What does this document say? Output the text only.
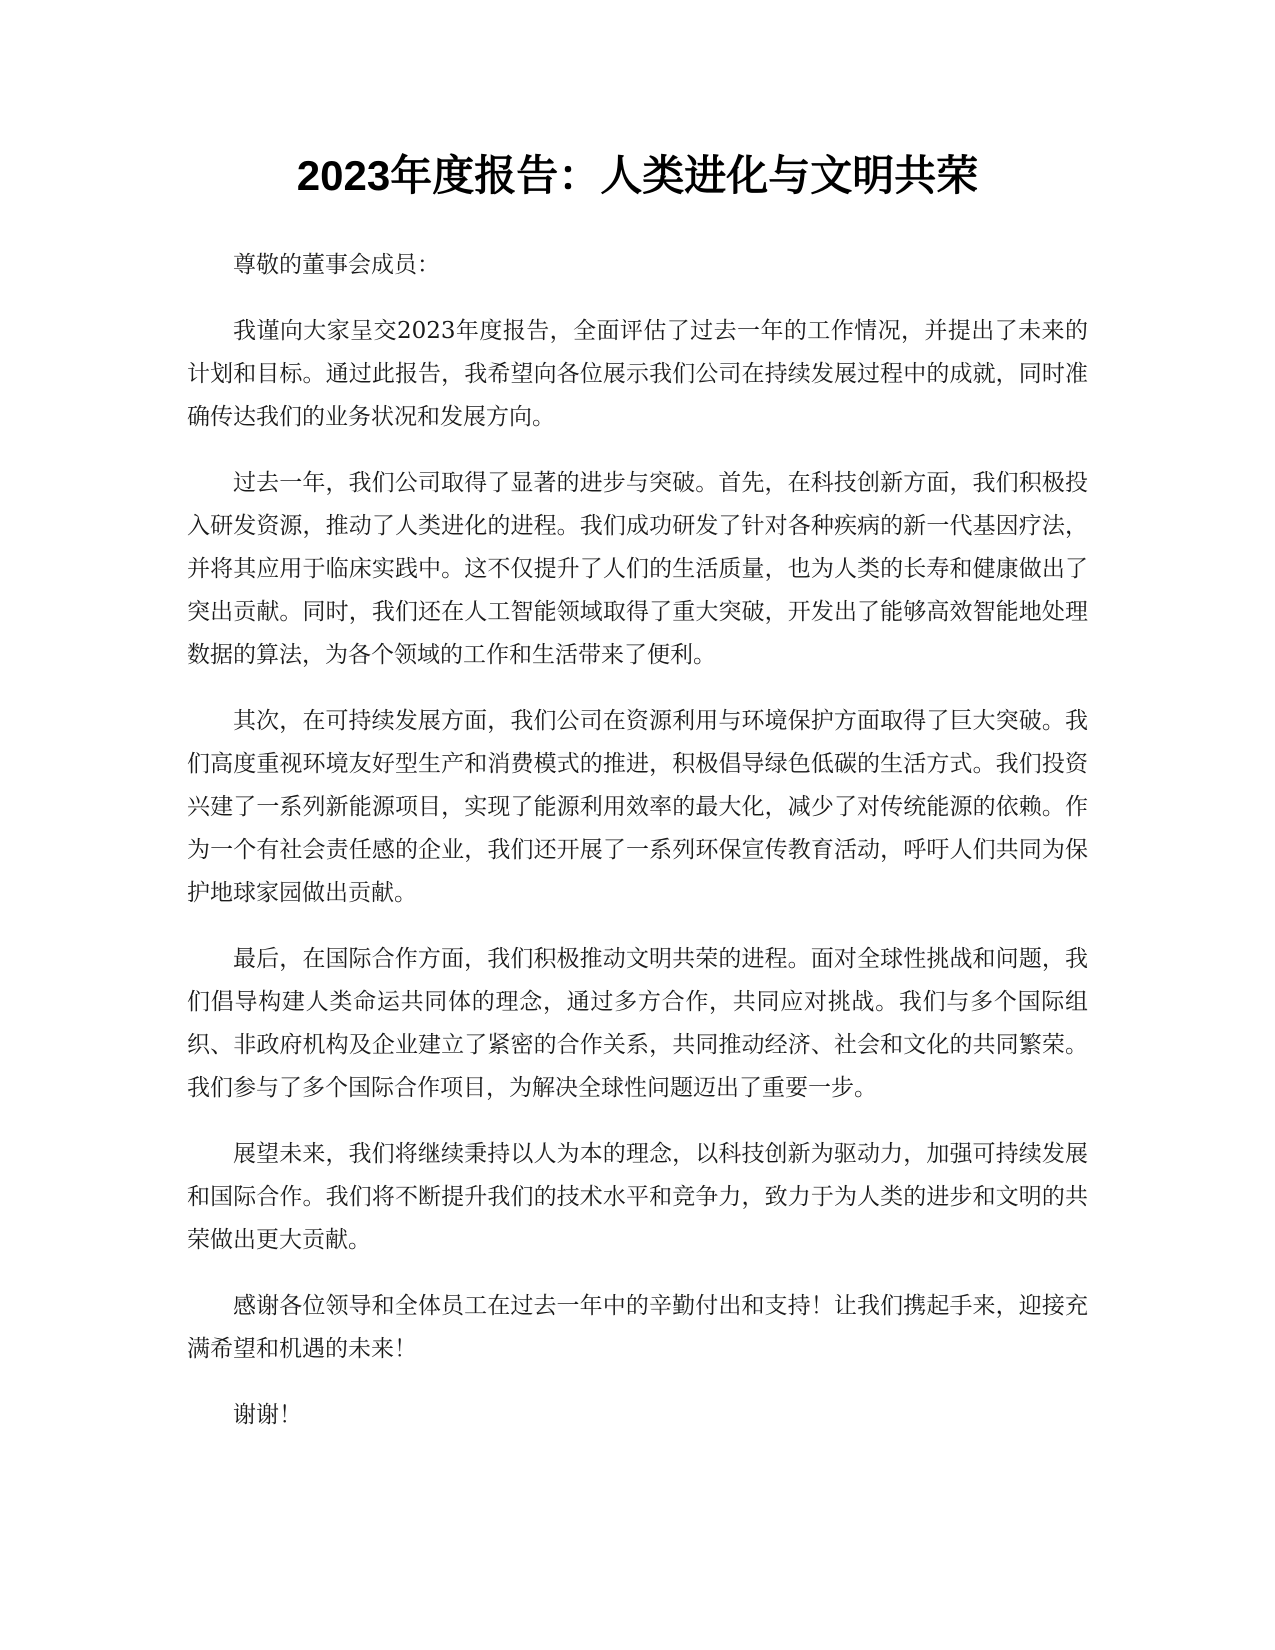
2023年度报告：人类进化与文明共荣

尊敬的董事会成员：

我谨向大家呈交2023年度报告，全面评估了过去一年的工作情况，并提出了未来的计划和目标。通过此报告，我希望向各位展示我们公司在持续发展过程中的成就，同时准确传达我们的业务状况和发展方向。

过去一年，我们公司取得了显著的进步与突破。首先，在科技创新方面，我们积极投入研发资源，推动了人类进化的进程。我们成功研发了针对各种疾病的新一代基因疗法，并将其应用于临床实践中。这不仅提升了人们的生活质量，也为人类的长寿和健康做出了突出贡献。同时，我们还在人工智能领域取得了重大突破，开发出了能够高效智能地处理数据的算法，为各个领域的工作和生活带来了便利。

其次，在可持续发展方面，我们公司在资源利用与环境保护方面取得了巨大突破。我们高度重视环境友好型生产和消费模式的推进，积极倡导绿色低碳的生活方式。我们投资兴建了一系列新能源项目，实现了能源利用效率的最大化，减少了对传统能源的依赖。作为一个有社会责任感的企业，我们还开展了一系列环保宣传教育活动，呼吁人们共同为保护地球家园做出贡献。

最后，在国际合作方面，我们积极推动文明共荣的进程。面对全球性挑战和问题，我们倡导构建人类命运共同体的理念，通过多方合作，共同应对挑战。我们与多个国际组织、非政府机构及企业建立了紧密的合作关系，共同推动经济、社会和文化的共同繁荣。我们参与了多个国际合作项目，为解决全球性问题迈出了重要一步。

展望未来，我们将继续秉持以人为本的理念，以科技创新为驱动力，加强可持续发展和国际合作。我们将不断提升我们的技术水平和竞争力，致力于为人类的进步和文明的共荣做出更大贡献。

感谢各位领导和全体员工在过去一年中的辛勤付出和支持！让我们携起手来，迎接充满希望和机遇的未来！

谢谢！
